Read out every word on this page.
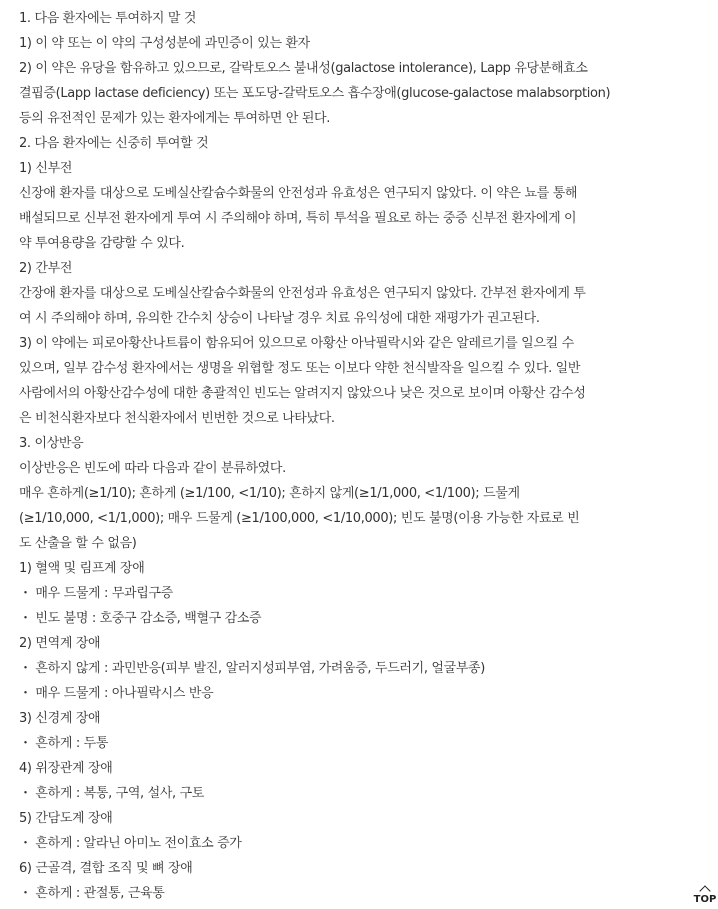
1. 다음 환자에는 투여하지 말 것
1) 이 약 또는 이 약의 구성성분에 과민증이 있는 환자
2) 이 약은 유당을 함유하고 있으므로, 갈락토오스 불내성(galactose intolerance), Lapp 유당분해효소
결핍증(Lapp lactase deficiency) 또는 포도당-갈락토오스 흡수장애(glucose-galactose malabsorption)
등의 유전적인 문제가 있는 환자에게는 투여하면 안 된다.
2. 다음 환자에는 신중히 투여할 것
1) 신부전
신장애 환자를 대상으로 도베실산칼슘수화물의 안전성과 유효성은 연구되지 않았다. 이 약은 뇨를 통해
배설되므로 신부전 환자에게 투여 시 주의해야 하며, 특히 투석을 필요로 하는 중증 신부전 환자에게 이
약 투여용량을 감량할 수 있다.
2) 간부전
간장애 환자를 대상으로 도베실산칼슘수화물의 안전성과 유효성은 연구되지 않았다. 간부전 환자에게 투
여 시 주의해야 하며, 유의한 간수치 상승이 나타날 경우 치료 유익성에 대한 재평가가 권고된다.
3) 이 약에는 피로아황산나트륨이 함유되어 있으므로 아황산 아낙필락시와 같은 알레르기를 일으킬 수
있으며, 일부 감수성 환자에서는 생명을 위협할 정도 또는 이보다 약한 천식발작을 일으킬 수 있다. 일반
사람에서의 아황산감수성에 대한 총괄적인 빈도는 알려지지 않았으나 낮은 것으로 보이며 아황산 감수성
은 비천식환자보다 천식환자에서 빈번한 것으로 나타났다.
3. 이상반응
이상반응은 빈도에 따라 다음과 같이 분류하였다.
매우 흔하게(≥1/10); 흔하게 (≥1/100, <1/10); 흔하지 않게(≥1/1,000, <1/100); 드물게
(≥1/10,000, <1/1,000); 매우 드물게 (≥1/100,000, <1/10,000); 빈도 불명(이용 가능한 자료로 빈
도 산출을 할 수 없음)
1) 혈액 및 림프계 장애
・ 매우 드물게 : 무과립구증
・ 빈도 불명 : 호중구 감소증, 백혈구 감소증
2) 면역계 장애
・ 흔하지 않게 : 과민반응(피부 발진, 알러지성피부염, 가려움증, 두드러기, 얼굴부종)
・ 매우 드물게 : 아나필락시스 반응
3) 신경계 장애
・ 흔하게 : 두통
4) 위장관계 장애
・ 흔하게 : 복통, 구역, 설사, 구토
5) 간담도계 장애
・ 흔하게 : 알라닌 아미노 전이효소 증가
6) 근골격, 결합 조직 및 뼈 장애
・ 흔하게 : 관절통, 근육통	TOP
